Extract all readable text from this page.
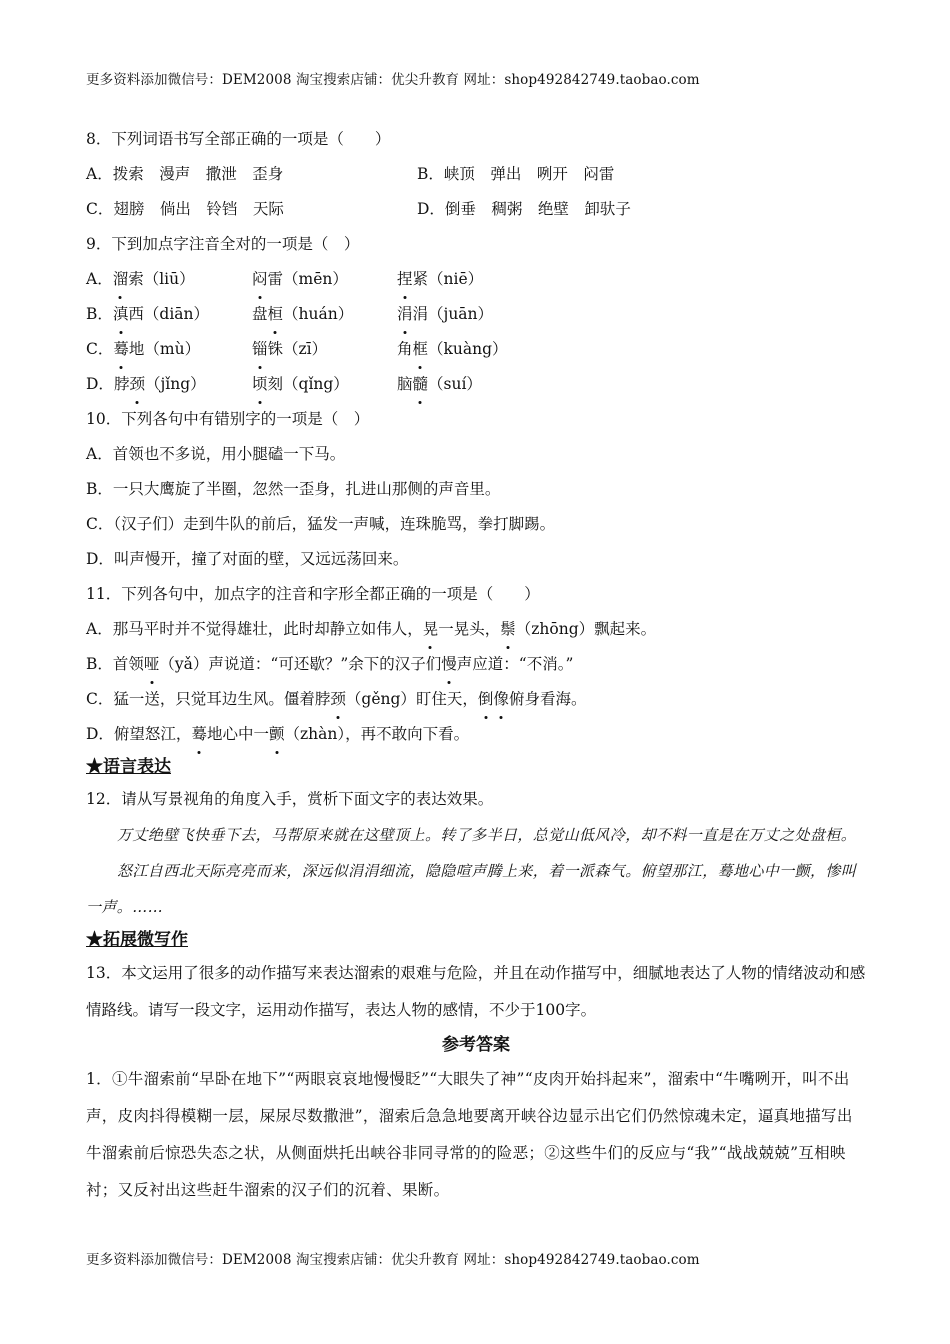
更多资料添加微信号：DEM2008 淘宝搜索店铺：优尖升教育 网址：shop492842749.taobao.com
8．下列词语书写全部正确的一项是（　　）
A．拨索　漫声　撒泄　歪身	B．峡顶　弹出　咧开　闷雷
C．翅膀　倘出　铃铛　天际	D．倒垂　稠粥　绝壁　卸驮子
9．下到加点字注音全对的一项是（　）
A．溜索（liū）	闷雷（mēn）	捏紧（niē）
B．滇西（diān）	盘桓（huán）	涓涓（juān）
C．蓦地（mù）	锱铢（zī）	角框（kuàng）
D．脖颈（jǐng）	顷刻（qǐng）	脑髓（suí）
10．下列各句中有错别字的一项是（　）
A．首领也不多说，用小腿磕一下马。
B．一只大鹰旋了半圈，忽然一歪身，扎进山那侧的声音里。
C．（汉子们）走到牛队的前后，猛发一声喊，连珠脆骂，拳打脚踢。
D．叫声慢开，撞了对面的壁，又远远荡回来。
11．下列各句中，加点字的注音和字形全都正确的一项是（　　）
A．那马平时并不觉得雄壮，此时却静立如伟人，晃一晃头，鬃（zhōng）飘起来。
B．首领哑（yǎ）声说道：“可还歇？”余下的汉子们慢声应道：“不消。”
C．猛一送，只觉耳边生风。僵着脖颈（gěng）盯住天，倒像俯身看海。
D．俯望怒江，蓦地心中一颤（zhàn），再不敢向下看。
★语言表达
12．请从写景视角的角度入手，赏析下面文字的表达效果。
万丈绝壁飞快垂下去，马帮原来就在这壁顶上。转了多半日，总觉山低风冷，却不料一直是在万丈之处盘桓。
怒江自西北天际亮亮而来，深远似涓涓细流，隐隐喧声腾上来，着一派森气。俯望那江，蓦地心中一颤，惨叫一声。……
★拓展微写作
13．本文运用了很多的动作描写来表达溜索的艰难与危险，并且在动作描写中，细腻地表达了人物的情绪波动和感情路线。请写一段文字，运用动作描写，表达人物的感情，不少于100字。
参考答案
1．①牛溜索前“早卧在地下”“两眼哀哀地慢慢眨”“大眼失了神”“皮肉开始抖起来”，溜索中“牛嘴咧开，叫不出声，皮肉抖得模糊一层，屎尿尽数撒泄”，溜索后急急地要离开峡谷边显示出它们仍然惊魂未定，逼真地描写出牛溜索前后惊恐失态之状，从侧面烘托出峡谷非同寻常的的险恶；②这些牛们的反应与“我”“战战兢兢”互相映衬；又反衬出这些赶牛溜索的汉子们的沉着、果断。
更多资料添加微信号：DEM2008 淘宝搜索店铺：优尖升教育 网址：shop492842749.taobao.com
